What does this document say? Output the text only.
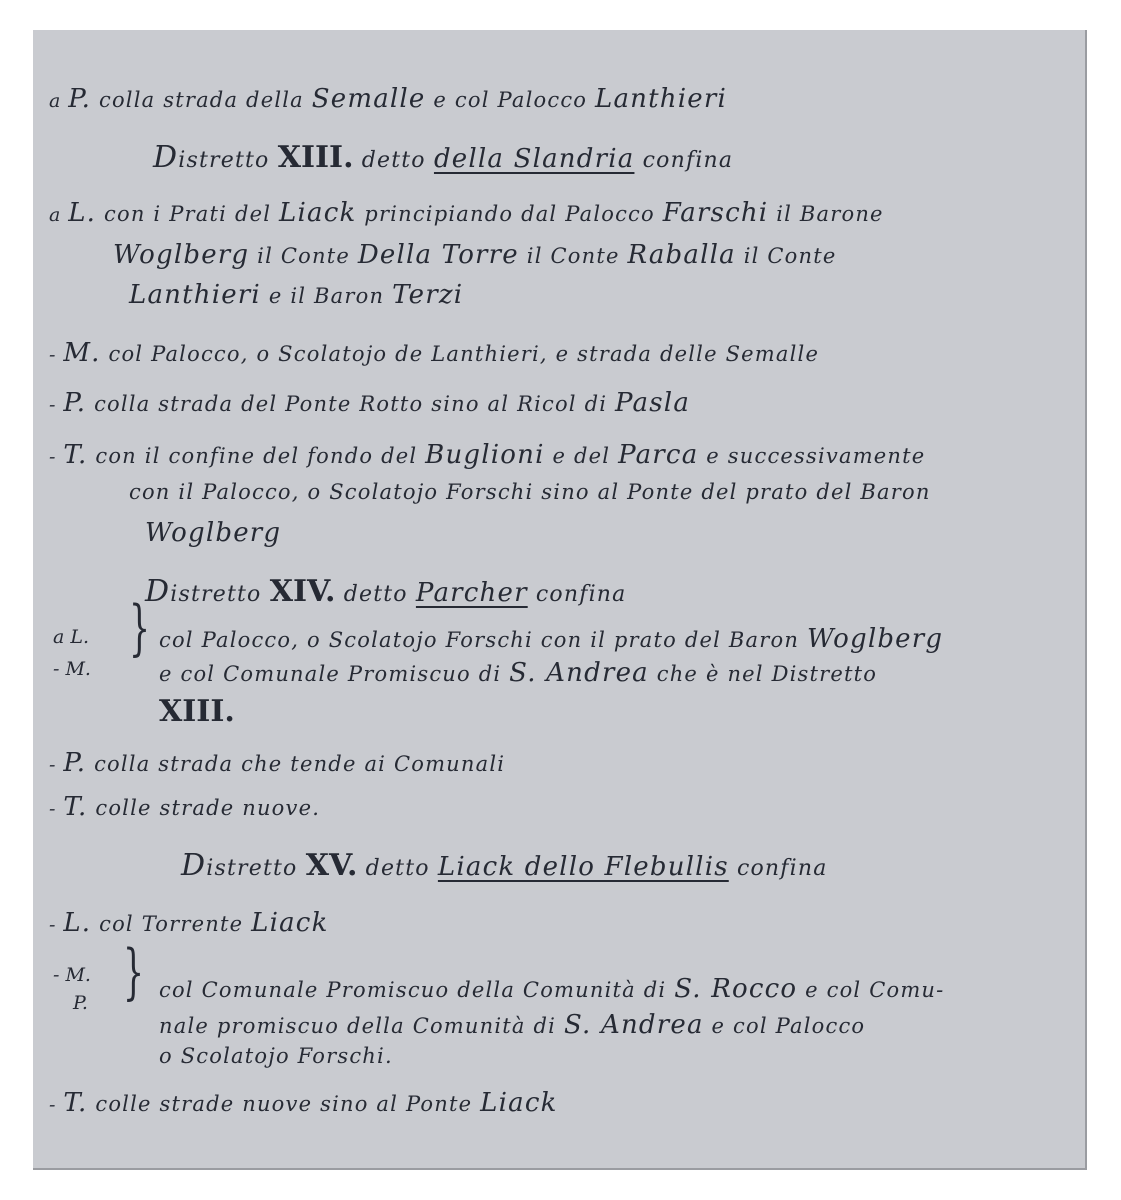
a P. colla strada della Semalle e col Palocco Lanthieri
Distretto XIII. detto della Slandria confina
a L. con i Prati del Liack principiando dal Palocco Farschi il Barone
Woglberg il Conte Della Torre il Conte Raballa il Conte
Lanthieri e il Baron Terzi
- M. col Palocco, o Scolatojo de Lanthieri, e strada delle Semalle
- P. colla strada del Ponte Rotto sino al Ricol di Pasla
- T. con il confine del fondo del Buglioni e del Parca e successivamente
con il Palocco, o Scolatojo Forschi sino al Ponte del prato del Baron
Woglberg
Distretto XIV. detto Parcher confina
a L.
- M.
} col Palocco, o Scolatojo Forschi con il prato del Baron Woglberg
e col Comunale Promiscuo di S. Andrea che è nel Distretto
XIII.
- P. colla strada che tende ai Comunali
- T. colle strade nuove.
Distretto XV. detto Liack dello Flebullis confina
- L. col Torrente Liack
- M.
P. } col Comunale Promiscuo della Comunità di S. Rocco e col Comu-
nale promiscuo della Comunità di S. Andrea e col Palocco
o Scolatojo Forschi.
- T. colle strade nuove sino al Ponte Liack
